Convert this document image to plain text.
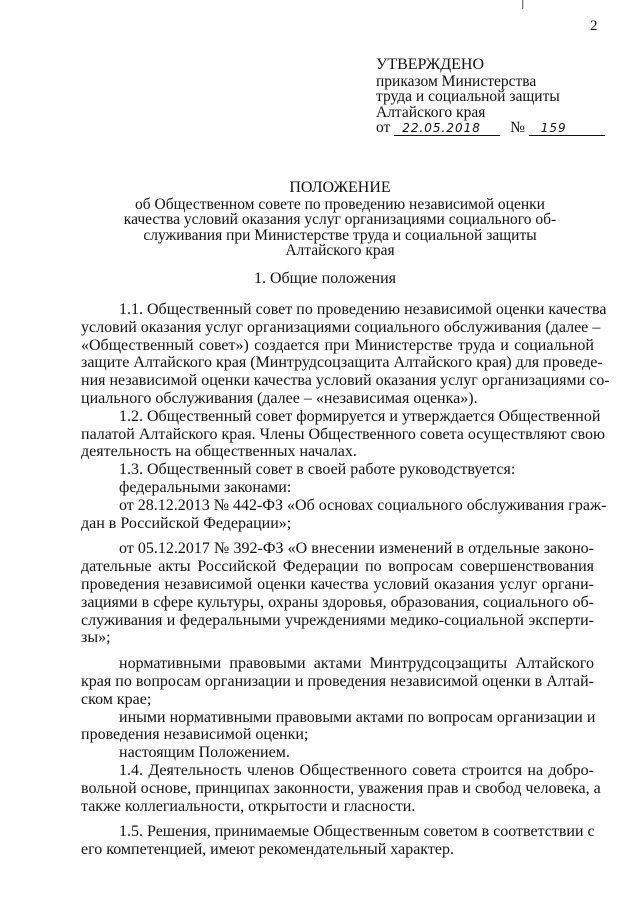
׀
2
УТВЕРЖДЕНО
приказом Министерства
труда и социальной защиты
Алтайского края
от 22.05.2018 № 159
ПОЛОЖЕНИЕ
об Общественном совете по проведению независимой оценки
качества условий оказания услуг организациями социального об-
служивания при Министерстве труда и социальной защиты
Алтайского края
1. Общие положения
1.1. Общественный совет по проведению независимой оценки качества
условий оказания услуг организациями социального обслуживания (далее –
«Общественный совет») создается при Министерстве труда и социальной
защите Алтайского края (Минтрудсоцзащита Алтайского края) для проведе-
ния независимой оценки качества условий оказания услуг организациями со-
циального обслуживания (далее – «независимая оценка»).
1.2. Общественный совет формируется и утверждается Общественной
палатой Алтайского края. Члены Общественного совета осуществляют свою
деятельность на общественных началах.
1.3. Общественный совет в своей работе руководствуется:
федеральными законами:
от 28.12.2013 № 442-ФЗ «Об основах социального обслуживания граж-
дан в Российской Федерации»;
от 05.12.2017 № 392-ФЗ «О внесении изменений в отдельные законо-
дательные акты Российской Федерации по вопросам совершенствования
проведения независимой оценки качества условий оказания услуг органи-
зациями в сфере культуры, охраны здоровья, образования, социального об-
служивания и федеральными учреждениями медико-социальной эксперти-
зы»;
нормативными правовыми актами Минтрудсоцзащиты Алтайского
края по вопросам организации и проведения независимой оценки в Алтай-
ском крае;
иными нормативными правовыми актами по вопросам организации и
проведения независимой оценки;
настоящим Положением.
1.4. Деятельность членов Общественного совета строится на добро-
вольной основе, принципах законности, уважения прав и свобод человека, а
также коллегиальности, открытости и гласности.
1.5. Решения, принимаемые Общественным советом в соответствии с
его компетенцией, имеют рекомендательный характер.
